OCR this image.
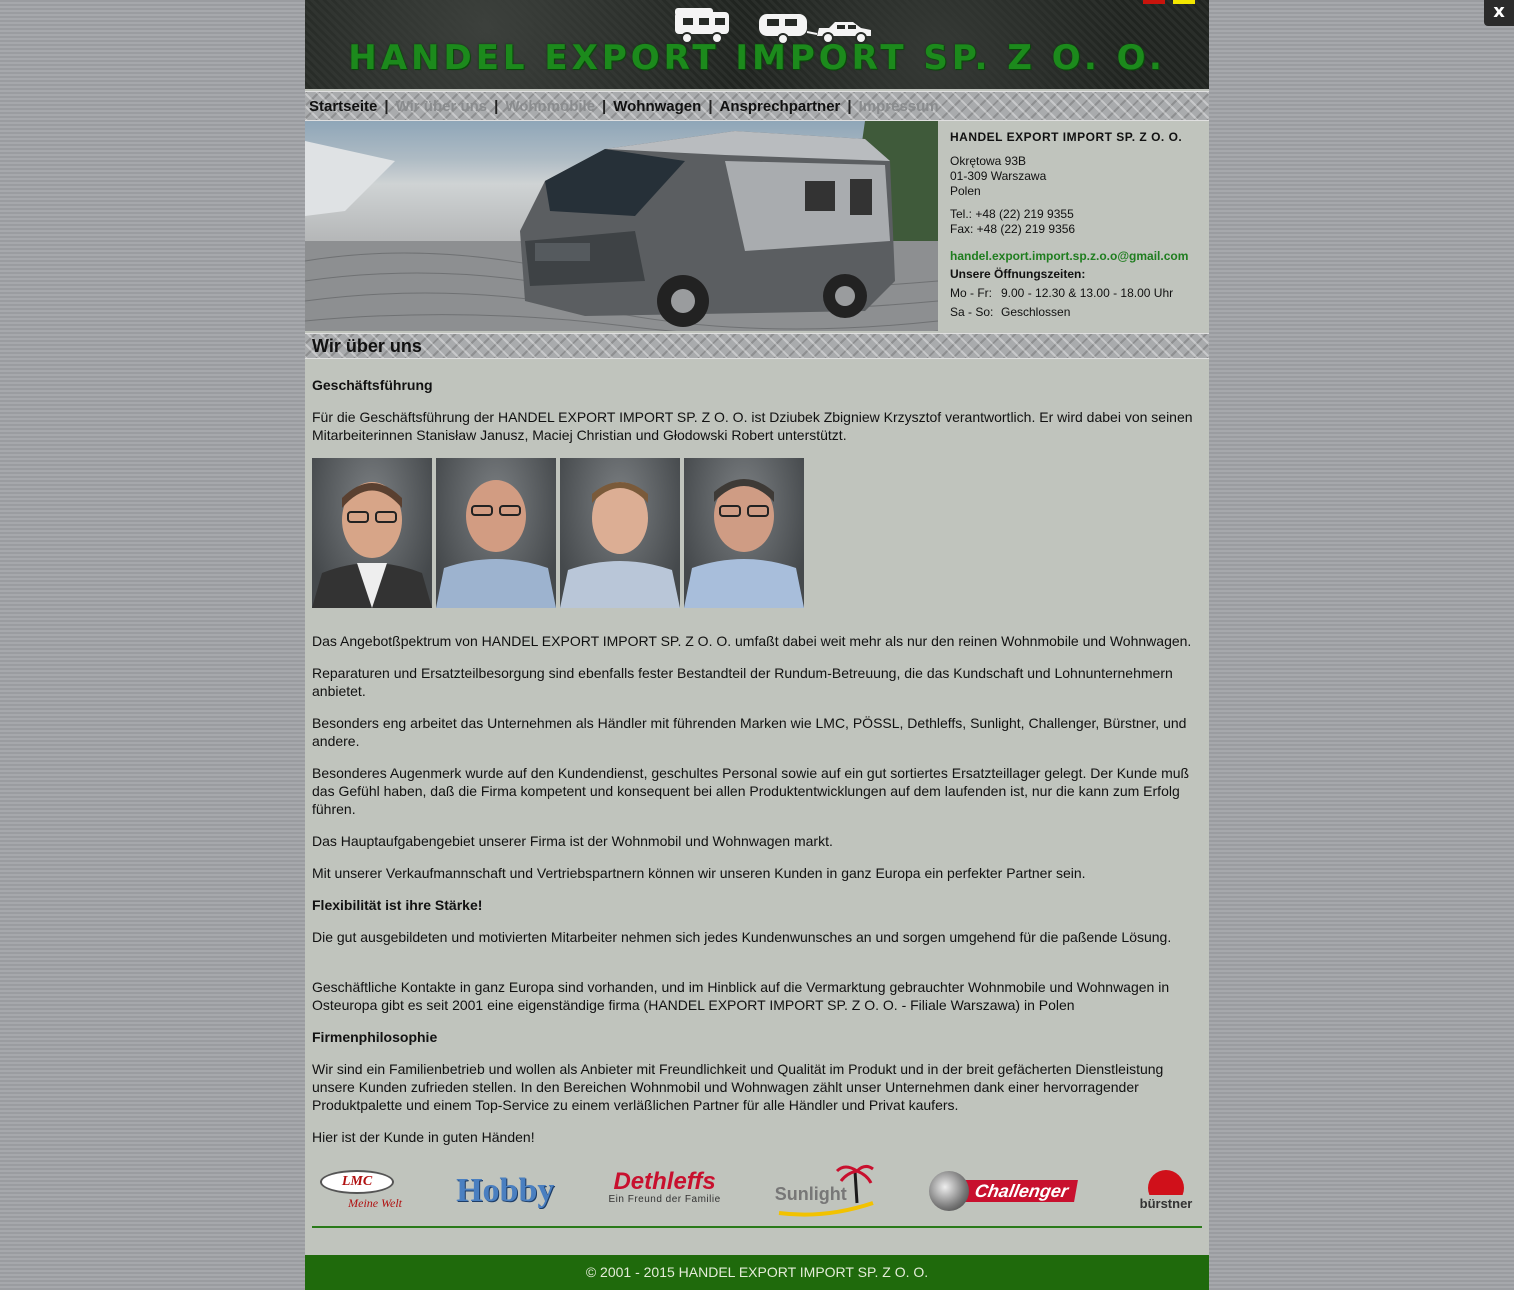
x
HANDEL EXPORT IMPORT SP. Z O. O.
Startseite | Wir über uns | Wohnmobile | Wohnwagen | Ansprechpartner | Impressum
HANDEL EXPORT IMPORT SP. Z O. O.
Okrętowa 93B
01-309 Warszawa
Polen
Tel.: +48 (22) 219 9355
Fax: +48 (22) 219 9356
handel.export.import.sp.z.o.o@gmail.com
Unsere Öffnungszeiten:
Mo - Fr: 9.00 - 12.30 & 13.00 - 18.00 Uhr
Sa - So: Geschlossen
Wir über uns
Geschäftsführung

Für die Geschäftsführung der HANDEL EXPORT IMPORT SP. Z O. O. ist Dziubek Zbigniew Krzysztof verantwortlich. Er wird dabei von seinen Mitarbeiterinnen Stanisław Janusz, Maciej Christian und Głodowski Robert unterstützt.

Das Angebotßpektrum von HANDEL EXPORT IMPORT SP. Z O. O. umfaßt dabei weit mehr als nur den reinen Wohnmobile und Wohnwagen.

Reparaturen und Ersatzteilbesorgung sind ebenfalls fester Bestandteil der Rundum-Betreuung, die das Kundschaft und Lohnunternehmern anbietet.

Besonders eng arbeitet das Unternehmen als Händler mit führenden Marken wie LMC, PÖSSL, Dethleffs, Sunlight, Challenger, Bürstner, und andere.

Besonderes Augenmerk wurde auf den Kundendienst, geschultes Personal sowie auf ein gut sortiertes Ersatzteillager gelegt. Der Kunde muß das Gefühl haben, daß die Firma kompetent und konsequent bei allen Produktentwicklungen auf dem laufenden ist, nur die kann zum Erfolg führen.

Das Hauptaufgabengebiet unserer Firma ist der Wohnmobil und Wohnwagen markt.

Mit unserer Verkaufmannschaft und Vertriebspartnern können wir unseren Kunden in ganz Europa ein perfekter Partner sein.

Flexibilität ist ihre Stärke!

Die gut ausgebildeten und motivierten Mitarbeiter nehmen sich jedes Kundenwunsches an und sorgen umgehend für die paßende Lösung.

Geschäftliche Kontakte in ganz Europa sind vorhanden, und im Hinblick auf die Vermarktung gebrauchter Wohnmobile und Wohnwagen in Osteuropa gibt es seit 2001 eine eigenständige firma (HANDEL EXPORT IMPORT SP. Z O. O. - Filiale Warszawa) in Polen

Firmenphilosophie

Wir sind ein Familienbetrieb und wollen als Anbieter mit Freundlichkeit und Qualität im Produkt und in der breit gefächerten Dienstleistung unsere Kunden zufrieden stellen. In den Bereichen Wohnmobil und Wohnwagen zählt unser Unternehmen dank einer hervorragender Produktpalette und einem Top-Service zu einem verläßlichen Partner für alle Händler und Privat kaufers.

Hier ist der Kunde in guten Händen!

LMC
Meine Welt Hobby Dethleffs
Ein Freund der Familie	Sunlight	Challenger
bürstner
© 2001 - 2015 HANDEL EXPORT IMPORT SP. Z O. O.
